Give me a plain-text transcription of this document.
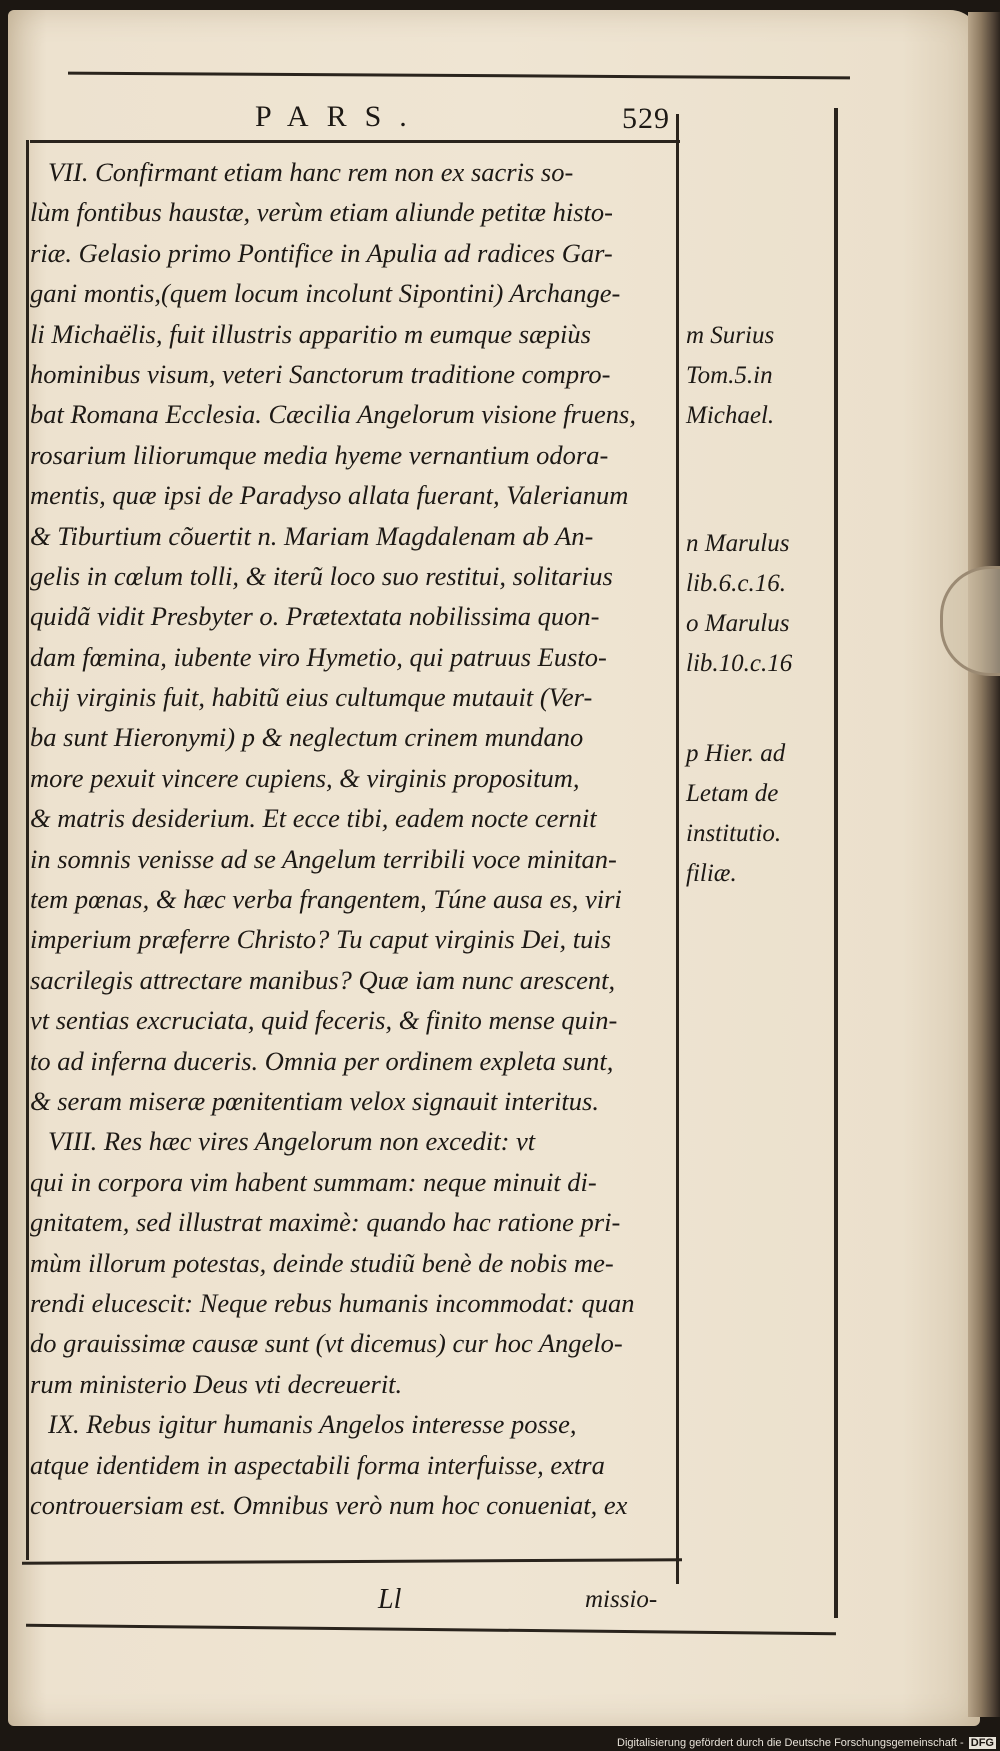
PARS.	529
VII. Confirmant etiam hanc rem non ex sacris so-
lùm fontibus haustæ, verùm etiam aliunde petitæ histo-
riæ. Gelasio primo Pontifice in Apulia ad radices Gar-
gani montis,(quem locum incolunt Sipontini) Archange-
li Michaëlis, fuit illustris apparitio m eumque sæpiùs
hominibus visum, veteri Sanctorum traditione compro-
bat Romana Ecclesia. Cæcilia Angelorum visione fruens,
rosarium liliorumque media hyeme vernantium odora-
mentis, quæ ipsi de Paradyso allata fuerant, Valerianum
& Tiburtium cõuertit n. Mariam Magdalenam ab An-
gelis in cœlum tolli, & iterũ loco suo restitui, solitarius
quidã vidit Presbyter o. Prætextata nobilissima quon-
dam fœmina, iubente viro Hymetio, qui patruus Eusto-
chij virginis fuit, habitũ eius cultumque mutauit (Ver-
ba sunt Hieronymi) p & neglectum crinem mundano
more pexuit vincere cupiens, & virginis propositum,
& matris desiderium. Et ecce tibi, eadem nocte cernit
in somnis venisse ad se Angelum terribili voce minitan-
tem pœnas, & hæc verba frangentem, Túne ausa es, viri
imperium præferre Christo? Tu caput virginis Dei, tuis
sacrilegis attrectare manibus? Quæ iam nunc arescent,
vt sentias excruciata, quid feceris, & finito mense quin-
to ad inferna duceris. Omnia per ordinem expleta sunt,
& seram miseræ pœnitentiam velox signauit interitus.
VIII. Res hæc vires Angelorum non excedit: vt
qui in corpora vim habent summam: neque minuit di-
gnitatem, sed illustrat maximè: quando hac ratione pri-
mùm illorum potestas, deinde studiũ benè de nobis me-
rendi elucescit: Neque rebus humanis incommodat: quan
do grauissimæ causæ sunt (vt dicemus) cur hoc Angelo-
rum ministerio Deus vti decreuerit.
IX. Rebus igitur humanis Angelos interesse posse,
atque identidem in aspectabili forma interfuisse, extra
controuersiam est. Omnibus verò num hoc conueniat, ex
m Surius
Tom.5.in
Michael.
n Marulus
lib.6.c.16.
o Marulus
lib.10.c.16
p Hier. ad
Letam de
institutio.
filiæ.
Ll	missio-
Digitalisierung gefördert durch die Deutsche Forschungsgemeinschaft - DFG
